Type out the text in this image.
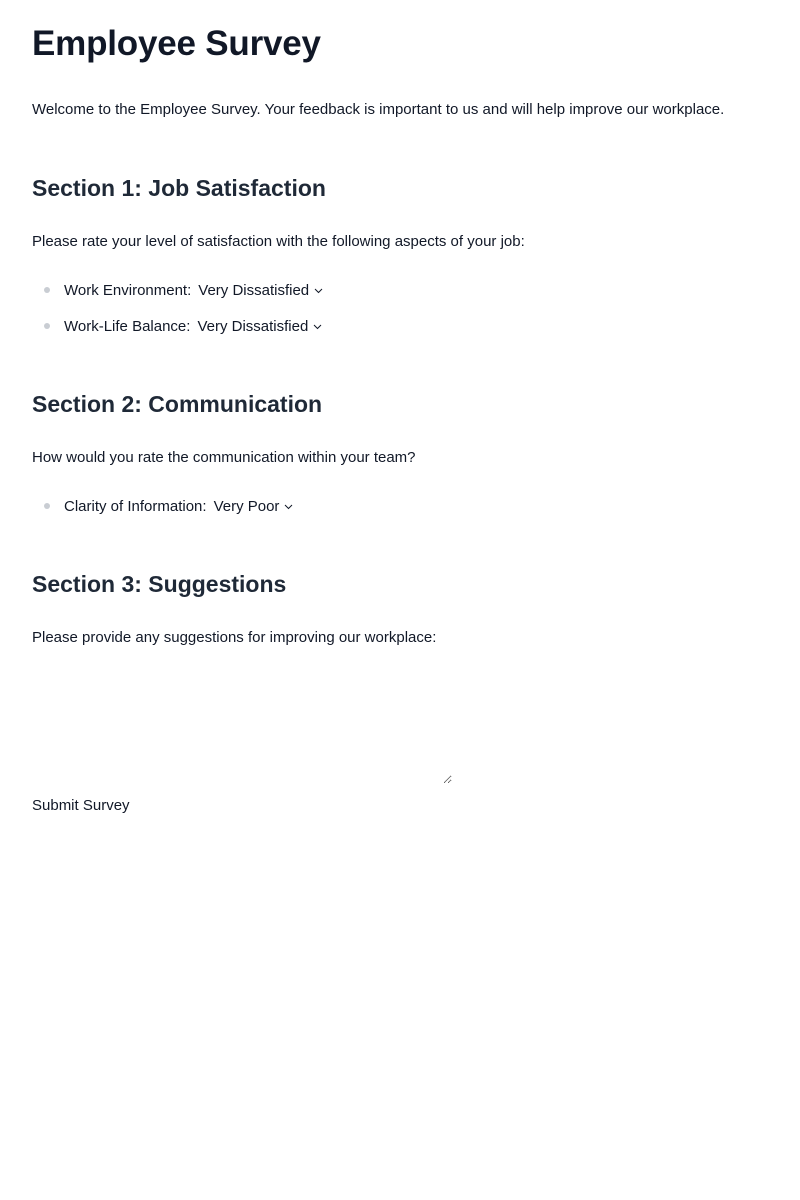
Employee Survey

Welcome to the Employee Survey. Your feedback is important to us and will help improve our workplace.

Section 1: Job Satisfaction

Please rate your level of satisfaction with the following aspects of your job:

Work Environment: Very Dissatisfied
Work-Life Balance: Very Dissatisfied
Section 2: Communication

How would you rate the communication within your team?

Clarity of Information: Very Poor
Section 3: Suggestions

Please provide any suggestions for improving our workplace:

Submit Survey
